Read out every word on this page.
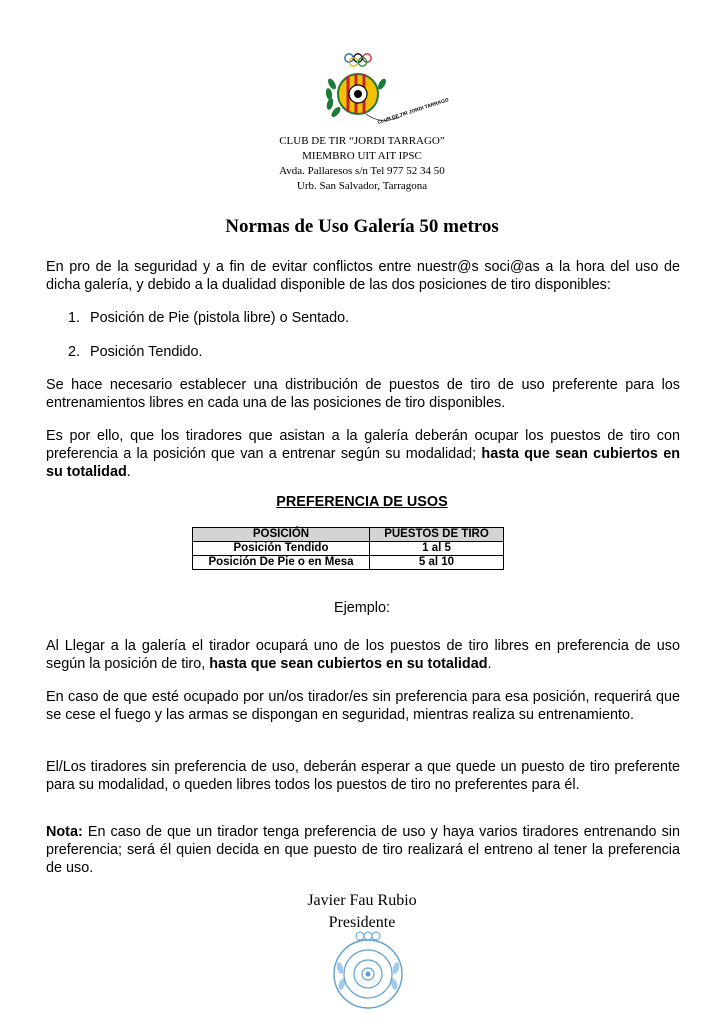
CLUB DE TIR JORDI TARRAGO
CLUB DE TIR “JORDI TARRAGO”
MIEMBRO UIT AIT IPSC
Avda. Pallaresos s/n Tel 977 52 34 50
Urb. San Salvador, Tarragona
Normas de Uso Galería 50 metros
En pro de la seguridad y a fin de evitar conflictos entre nuestr@s soci@as a la hora del uso de dicha galería, y debido a la dualidad disponible de las dos posiciones de tiro disponibles:
1. Posición de Pie (pistola libre) o Sentado.
2. Posición Tendido.
Se hace necesario establecer una distribución de puestos de tiro de uso preferente para los entrenamientos libres en cada una de las posiciones de tiro disponibles.
Es por ello, que los tiradores que asistan a la galería deberán ocupar los puestos de tiro con preferencia a la posición que van a entrenar según su modalidad; hasta que sean cubiertos en su totalidad.
PREFERENCIA DE USOS
POSICIÓN	PUESTOS DE TIRO
Posición Tendido	1 al 5
Posición De Pie o en Mesa	5 al 10
Ejemplo:
Al Llegar a la galería el tirador ocupará uno de los puestos de tiro libres en preferencia de uso según la posición de tiro, hasta que sean cubiertos en su totalidad.
En caso de que esté ocupado por un/os tirador/es sin preferencia para esa posición, requerirá que se cese el fuego y las armas se dispongan en seguridad, mientras realiza su entrenamiento.
El/Los tiradores sin preferencia de uso, deberán esperar a que quede un puesto de tiro preferente para su modalidad, o queden libres todos los puestos de tiro no preferentes para él.
Nota: En caso de que un tirador tenga preferencia de uso y haya varios tiradores entrenando sin preferencia; será él quien decida en que puesto de tiro realizará el entreno al tener la preferencia de uso.
Javier Fau Rubio
Presidente
